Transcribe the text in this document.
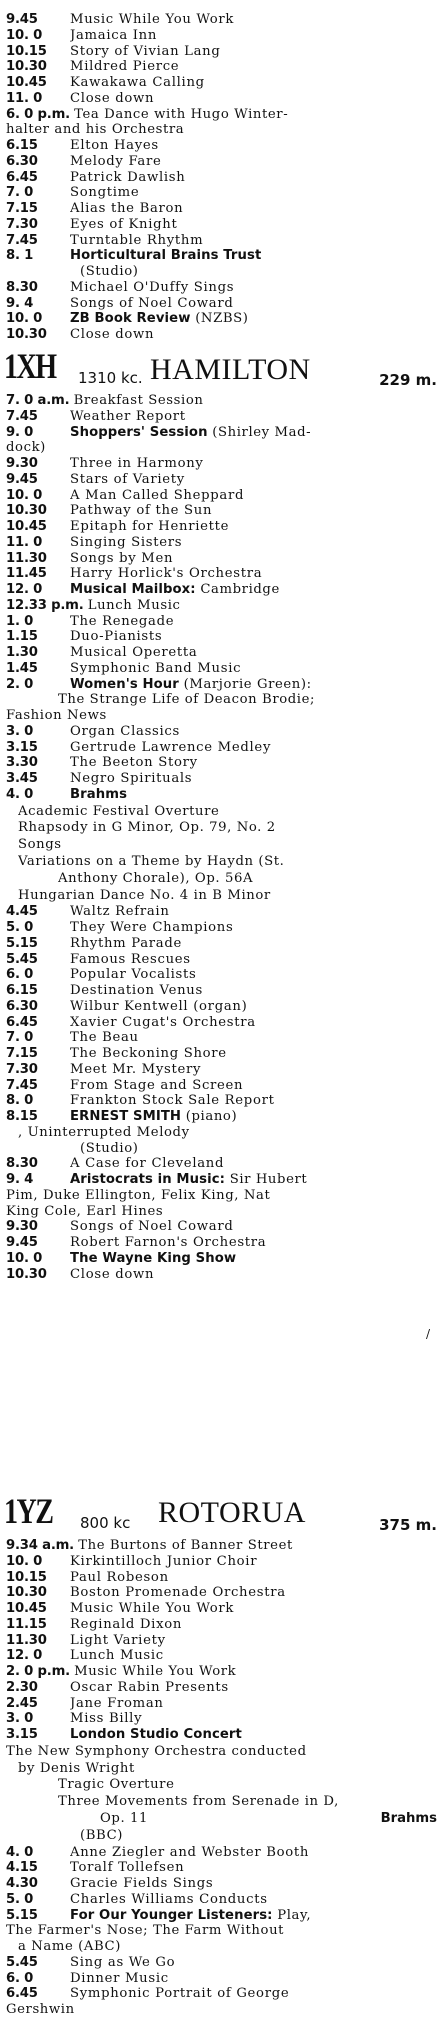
9.45 Music While You Work
10. 0 Jamaica Inn
10.15 Story of Vivian Lang
10.30 Mildred Pierce
10.45 Kawakawa Calling
11. 0 Close down
6. 0 p.m. Tea Dance with Hugo Winter-
halter and his Orchestra
6.15 Elton Hayes
6.30 Melody Fare
6.45 Patrick Dawlish
7. 0	Songtime
7.15 Alias the Baron
7.30 Eyes of Knight
7.45 Turntable Rhythm
8. 1	Horticultural Brains Trust
(Studio)
8.30 Michael O'Duffy Sings
9. 4	Songs of Noel Coward
10. 0 ZB Book Review (NZBS)
10.30 Close down
1XH 1310 kc. HAMILTON	229 m.
7. 0 a.m. Breakfast Session
7.45 Weather Report
9. 0	Shoppers' Session (Shirley Mad-
dock)
9.30 Three in Harmony
9.45 Stars of Variety
10. 0 A Man Called Sheppard
10.30 Pathway of the Sun
10.45 Epitaph for Henriette
11. 0 Singing Sisters
11.30 Songs by Men
11.45 Harry Horlick's Orchestra
12. 0 Musical Mailbox: Cambridge
12.33 p.m. Lunch Music
1. 0	The Renegade
1.15 Duo-Pianists
1.30 Musical Operetta
1.45 Symphonic Band Music
2. 0	Women's Hour (Marjorie Green):
The Strange Life of Deacon Brodie;
Fashion News
3. 0	Organ Classics
3.15 Gertrude Lawrence Medley
3.30 The Beeton Story
3.45 Negro Spirituals
4. 0	Brahms
Academic Festival Overture
Rhapsody in G Minor, Op. 79, No. 2
Songs
Variations on a Theme by Haydn (St.
Anthony Chorale), Op. 56A
Hungarian Dance No. 4 in B Minor
4.45 Waltz Refrain
5. 0	They Were Champions
5.15 Rhythm Parade
5.45 Famous Rescues
6. 0	Popular Vocalists
6.15 Destination Venus
6.30 Wilbur Kentwell (organ)
6.45 Xavier Cugat's Orchestra
7. 0	The Beau
7.15 The Beckoning Shore
7.30 Meet Mr. Mystery
7.45 From Stage and Screen
8. 0	Frankton Stock Sale Report
8.15 ERNEST SMITH (piano)
, Uninterrupted Melody
(Studio)
8.30 A Case for Cleveland
9. 4	Aristocrats in Music: Sir Hubert
Pim, Duke Ellington, Felix King, Nat
King Cole, Earl Hines
9.30 Songs of Noel Coward
9.45 Robert Farnon's Orchestra
10. 0 The Wayne King Show
10.30 Close down
/
1YZ 800 kc ROTORUA	375 m.
9.34 a.m. The Burtons of Banner Street
10. 0 Kirkintilloch Junior Choir
10.15 Paul Robeson
10.30 Boston Promenade Orchestra
10.45 Music While You Work
11.15 Reginald Dixon
11.30 Light Variety
12. 0 Lunch Music
2. 0 p.m. Music While You Work
2.30 Oscar Rabin Presents
2.45 Jane Froman
3. 0	Miss Billy
3.15 London Studio Concert
The New Symphony Orchestra conducted
by Denis Wright
Tragic Overture
Three Movements from Serenade in D,
Op. 11	Brahms
(BBC)
4. 0	Anne Ziegler and Webster Booth
4.15 Toralf Tollefsen
4.30 Gracie Fields Sings
5. 0	Charles Williams Conducts
5.15 For Our Younger Listeners: Play,
The Farmer's Nose; The Farm Without
a Name (ABC)
5.45 Sing as We Go
6. 0	Dinner Music
6.45 Symphonic Portrait of George
Gershwin
